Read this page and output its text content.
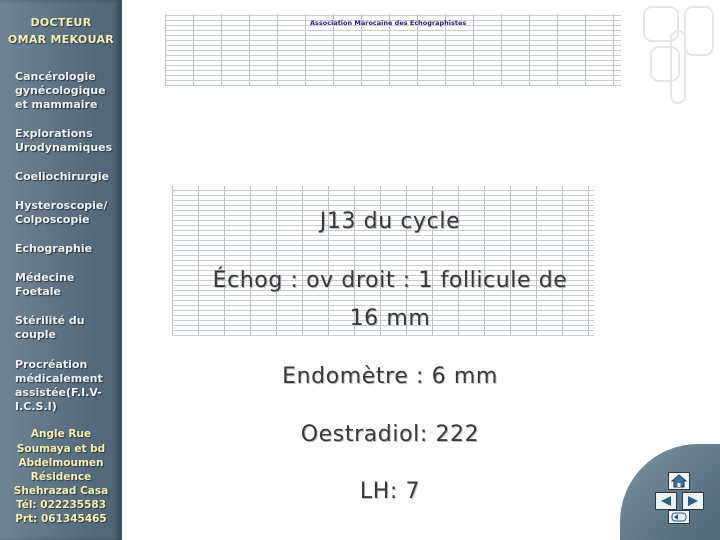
DOCTEUR
OMAR MEKOUAR
Cancérologie gynécologique et mammaire
Explorations Urodynamiques
Coeliochirurgie
Hysteroscopie/ Colposcopie
Echographie
Médecine Foetale
Stérilité du couple
Procréation médicalement assistée(F.I.V- I.C.S.I)
Angle Rue
Soumaya et bd
Abdelmoumen
Résidence
Shehrazad Casa
Tél: 022235583
Prt: 061345465
Association Marocaine des Echographistes
J13 du cycle
Échog : ov droit : 1 follicule de
16 mm
Endomètre : 6 mm
Oestradiol: 222
LH: 7
